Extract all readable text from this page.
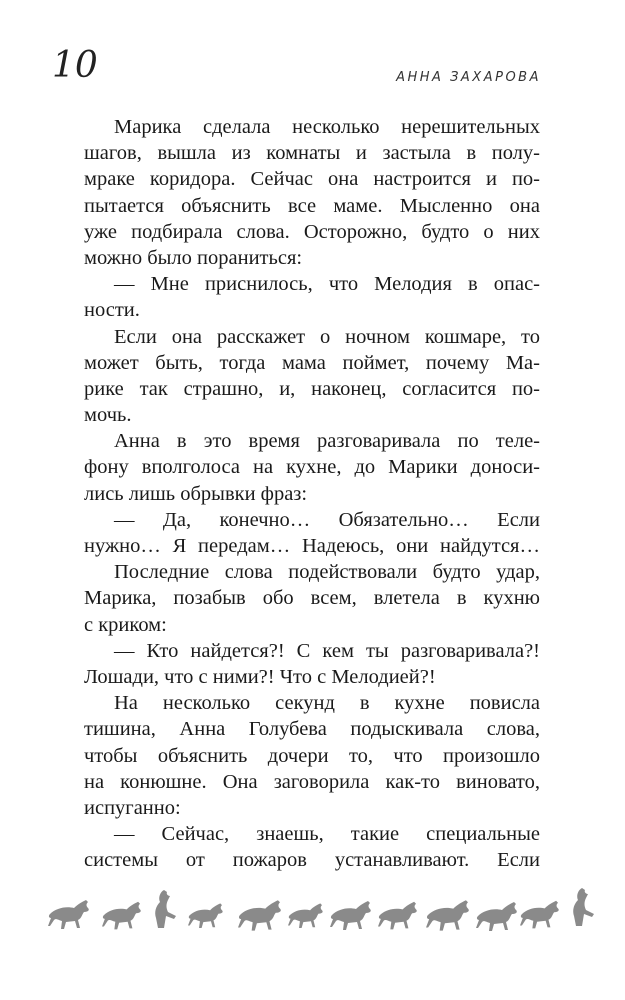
10	АННА ЗАХАРОВА
Марика сделала несколько нерешительных
шагов, вышла из комнаты и застыла в полу-
мраке коридора. Сейчас она настроится и по-
пытается объяснить все маме. Мысленно она
уже подбирала слова. Осторожно, будто о них
можно было пораниться:
— Мне приснилось, что Мелодия в опас-
ности.
Если она расскажет о ночном кошмаре, то
может быть, тогда мама поймет, почему Ма-
рике так страшно, и, наконец, согласится по-
мочь.
Анна в это время разговаривала по теле-
фону вполголоса на кухне, до Марики доноси-
лись лишь обрывки фраз:
— Да, конечно… Обязательно… Если
нужно… Я передам… Надеюсь, они найдутся…
Последние слова подействовали будто удар,
Марика, позабыв обо всем, влетела в кухню
с криком:
— Кто найдется?! С кем ты разговаривала?!
Лошади, что с ними?! Что с Мелодией?!
На несколько секунд в кухне повисла
тишина, Анна Голубева подыскивала слова,
чтобы объяснить дочери то, что произошло
на конюшне. Она заговорила как-то виновато,
испуганно:
— Сейчас, знаешь, такие специальные
системы от пожаров устанавливают. Если
